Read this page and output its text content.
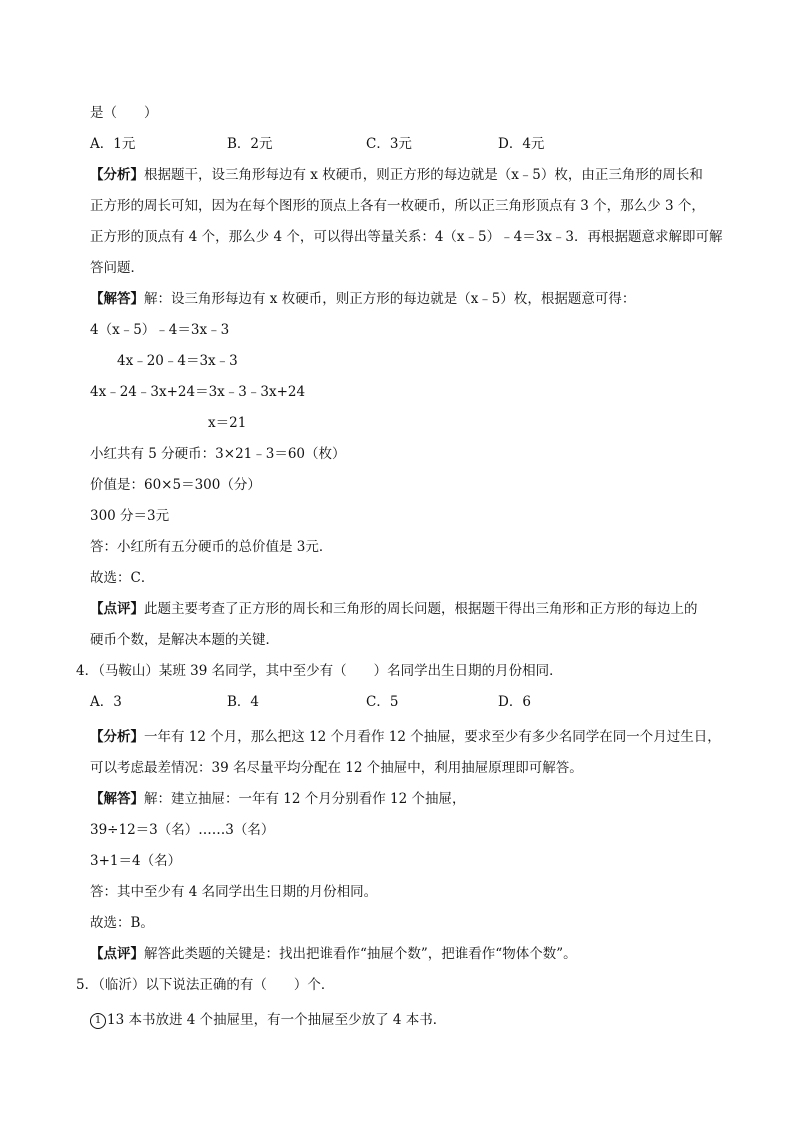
是（　　）
A．1元	B．2元	C．3元	D．4元
【分析】根据题干，设三角形每边有 x 枚硬币，则正方形的每边就是（x﹣5）枚，由正三角形的周长和
正方形的周长可知，因为在每个图形的顶点上各有一枚硬币，所以正三角形顶点有 3 个，那么少 3 个，
正方形的顶点有 4 个，那么少 4 个，可以得出等量关系：4（x﹣5）﹣4＝3x﹣3．再根据题意求解即可解
答问题．
【解答】解：设三角形每边有 x 枚硬币，则正方形的每边就是（x﹣5）枚，根据题意可得：
4（x﹣5）﹣4＝3x﹣3
4x﹣20﹣4＝3x﹣3
4x﹣24﹣3x+24＝3x﹣3﹣3x+24
x＝21
小红共有 5 分硬币：3×21﹣3＝60（枚）
价值是：60×5＝300（分）
300 分＝3元
答：小红所有五分硬币的总价值是 3元．
故选：C．
【点评】此题主要考查了正方形的周长和三角形的周长问题，根据题干得出三角形和正方形的每边上的
硬币个数，是解决本题的关键．
4．（马鞍山）某班 39 名同学，其中至少有（　　）名同学出生日期的月份相同．
A．3	B．4	C．5	D．6
【分析】一年有 12 个月，那么把这 12 个月看作 12 个抽屉，要求至少有多少名同学在同一个月过生日，
可以考虑最差情况：39 名尽量平均分配在 12 个抽屉中，利用抽屉原理即可解答。
【解答】解：建立抽屉：一年有 12 个月分别看作 12 个抽屉，
39÷12＝3（名）……3（名）
3+1＝4（名）
答：其中至少有 4 名同学出生日期的月份相同。
故选：B。
【点评】解答此类题的关键是：找出把谁看作“抽屉个数”，把谁看作“物体个数”。
5．（临沂）以下说法正确的有（　　）个．
1 13 本书放进 4 个抽屉里，有一个抽屉至少放了 4 本书．
